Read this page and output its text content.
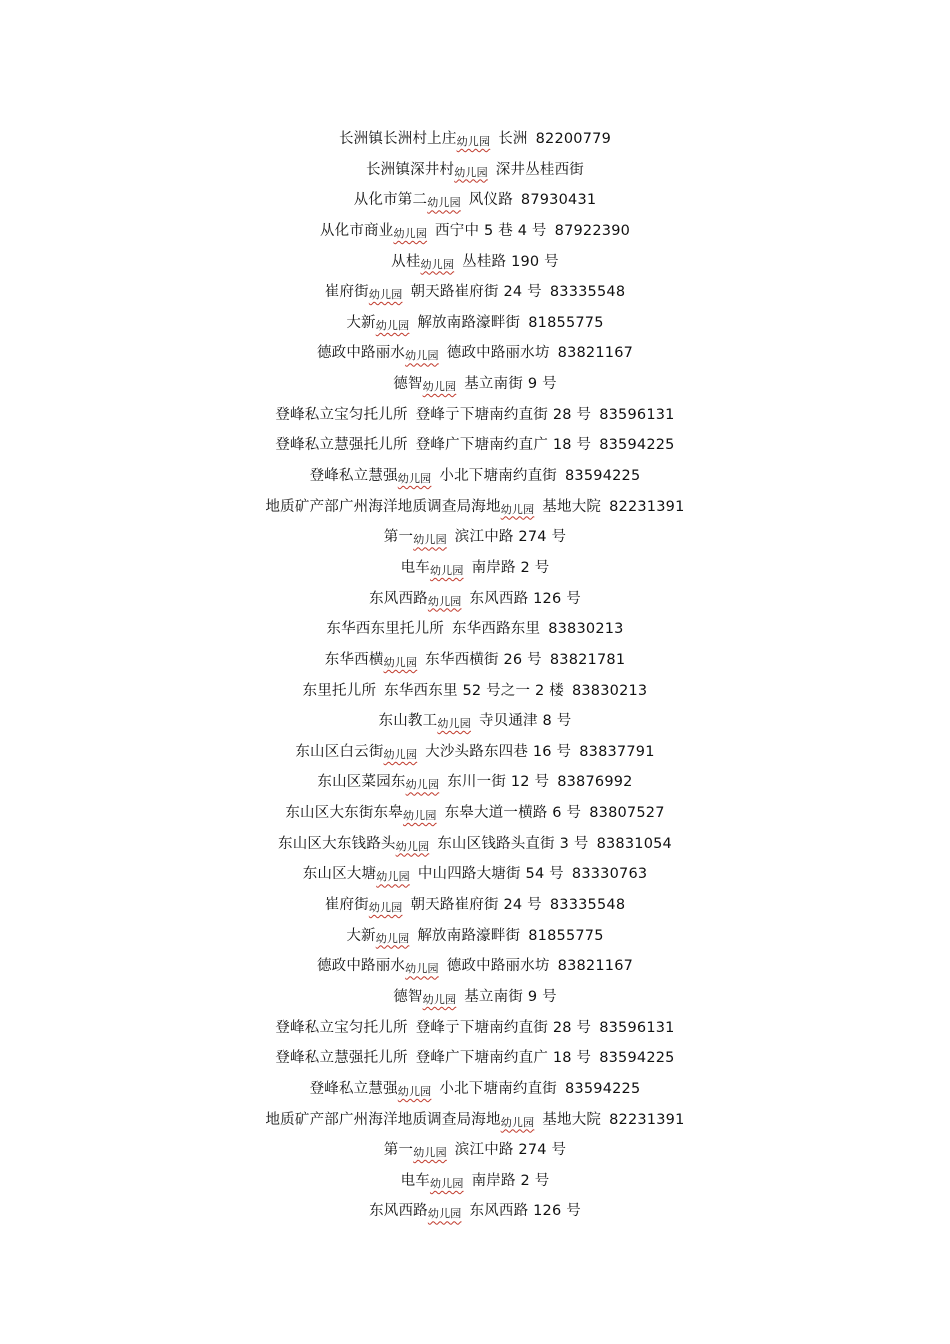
长洲镇长洲村上庄幼儿园 长洲 82200779
长洲镇深井村幼儿园 深井丛桂西街
从化市第二幼儿园 风仪路 87930431
从化市商业幼儿园 西宁中 5 巷 4 号 87922390
从桂幼儿园 丛桂路 190 号
崔府街幼儿园 朝天路崔府街 24 号 83335548
大新幼儿园 解放南路濠畔街 81855775
德政中路丽水幼儿园 德政中路丽水坊 83821167
德智幼儿园 基立南街 9 号
登峰私立宝匀托儿所 登峰亍下塘南约直街 28 号 83596131
登峰私立慧强托儿所 登峰广下塘南约直广 18 号 83594225
登峰私立慧强幼儿园 小北下塘南约直街 83594225
地质矿产部广州海洋地质调查局海地幼儿园 基地大院 82231391
第一幼儿园 滨江中路 274 号
电车幼儿园 南岸路 2 号
东风西路幼儿园 东风西路 126 号
东华西东里托儿所 东华西路东里 83830213
东华西横幼儿园 东华西横街 26 号 83821781
东里托儿所 东华西东里 52 号之一 2 楼 83830213
东山教工幼儿园 寺贝通津 8 号
东山区白云街幼儿园 大沙头路东四巷 16 号 83837791
东山区菜园东幼儿园 东川一街 12 号 83876992
东山区大东街东皋幼儿园 东皋大道一横路 6 号 83807527
东山区大东钱路头幼儿园 东山区钱路头直街 3 号 83831054
东山区大塘幼儿园 中山四路大塘街 54 号 83330763
崔府街幼儿园 朝天路崔府街 24 号 83335548
大新幼儿园 解放南路濠畔街 81855775
德政中路丽水幼儿园 德政中路丽水坊 83821167
德智幼儿园 基立南街 9 号
登峰私立宝匀托儿所 登峰亍下塘南约直街 28 号 83596131
登峰私立慧强托儿所 登峰广下塘南约直广 18 号 83594225
登峰私立慧强幼儿园 小北下塘南约直街 83594225
地质矿产部广州海洋地质调查局海地幼儿园 基地大院 82231391
第一幼儿园 滨江中路 274 号
电车幼儿园 南岸路 2 号
东风西路幼儿园 东风西路 126 号
